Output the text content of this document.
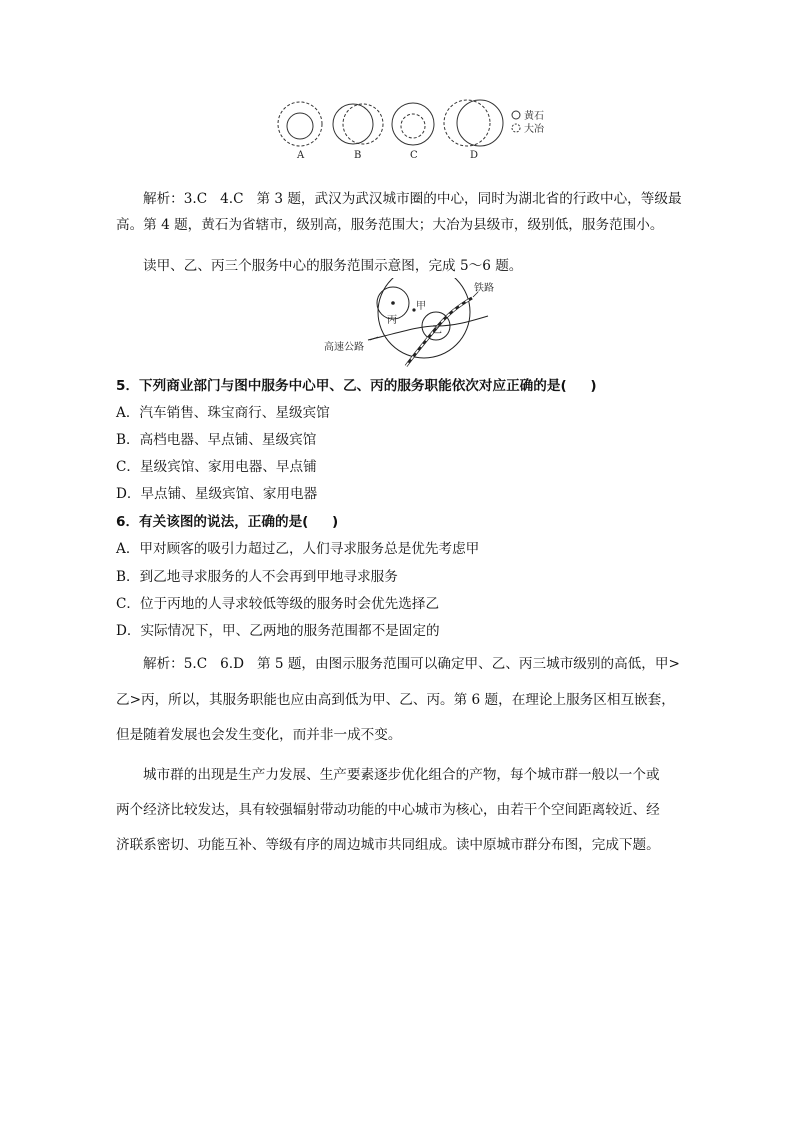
A	B	C	D
黄石
大冶

解析：3.C   4.C   第 3 题，武汉为武汉城市圈的中心，同时为湖北省的行政中心，等级最

高。第 4 题，黄石为省辖市，级别高，服务范围大；大冶为县级市，级别低，服务范围小。

读甲、乙、丙三个服务中心的服务范围示意图，完成 5～6 题。

丙
甲
乙
铁路
高速公路

5．下列商业部门与图中服务中心甲、乙、丙的服务职能依次对应正确的是(     )

A．汽车销售、珠宝商行、星级宾馆

B．高档电器、早点铺、星级宾馆

C．星级宾馆、家用电器、早点铺

D．早点铺、星级宾馆、家用电器

6．有关该图的说法，正确的是(     )

A．甲对顾客的吸引力超过乙，人们寻求服务总是优先考虑甲

B．到乙地寻求服务的人不会再到甲地寻求服务

C．位于丙地的人寻求较低等级的服务时会优先选择乙

D．实际情况下，甲、乙两地的服务范围都不是固定的

解析：5.C   6.D   第 5 题，由图示服务范围可以确定甲、乙、丙三城市级别的高低，甲>

乙>丙，所以，其服务职能也应由高到低为甲、乙、丙。第 6 题，在理论上服务区相互嵌套，

但是随着发展也会发生变化，而并非一成不变。

城市群的出现是生产力发展、生产要素逐步优化组合的产物，每个城市群一般以一个或

两个经济比较发达，具有较强辐射带动功能的中心城市为核心，由若干个空间距离较近、经

济联系密切、功能互补、等级有序的周边城市共同组成。读中原城市群分布图，完成下题。
